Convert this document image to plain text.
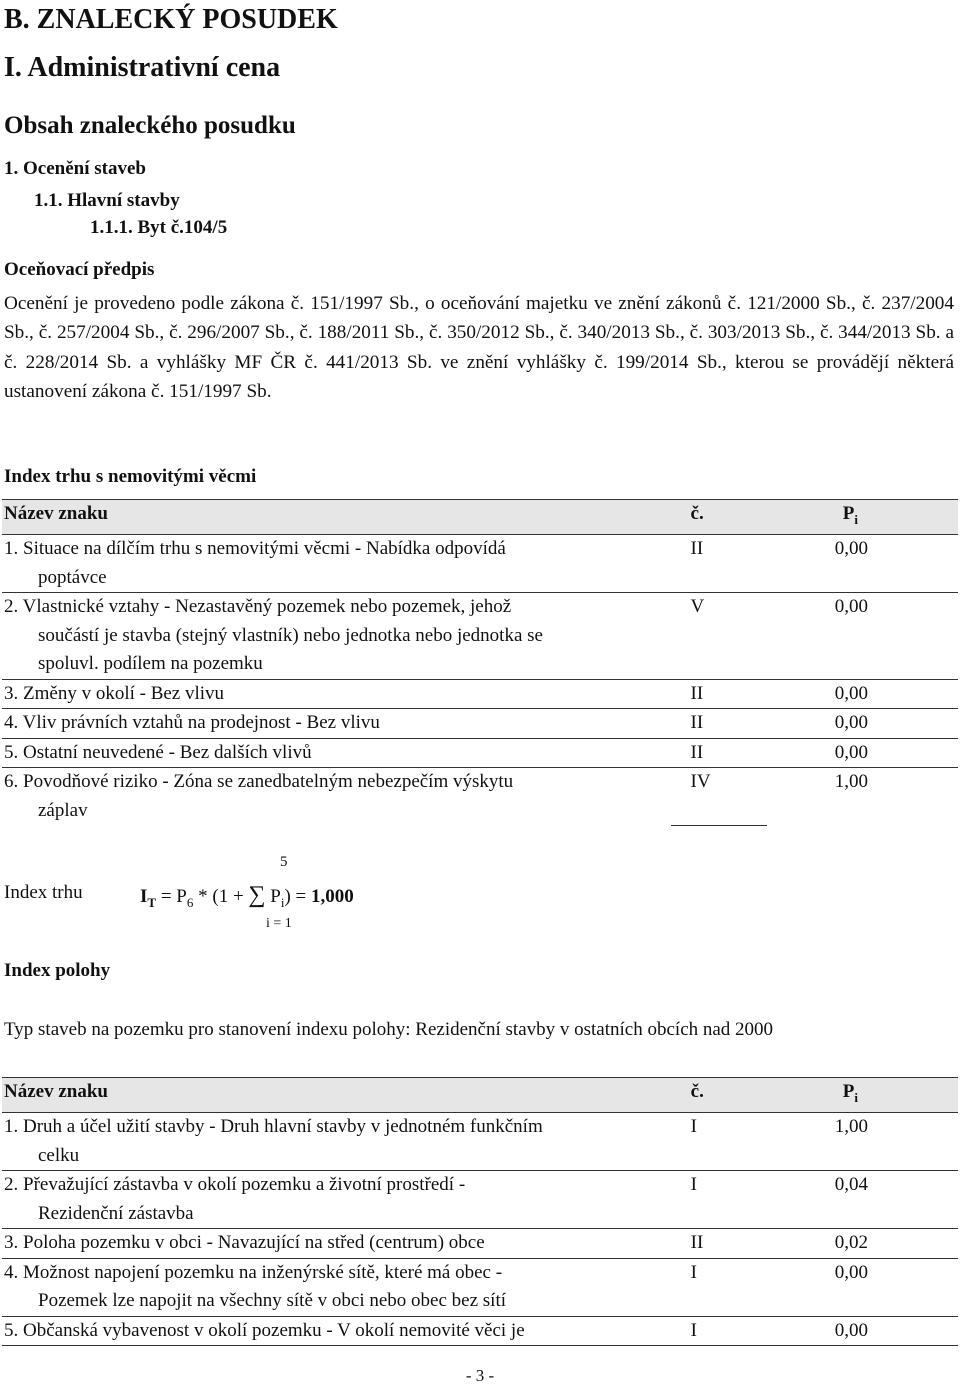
B. ZNALECKÝ POSUDEK
I. Administrativní cena
Obsah znaleckého posudku
1. Ocenění staveb
1.1. Hlavní stavby
1.1.1. Byt č.104/5
Oceňovací předpis
Ocenění je provedeno podle zákona č. 151/1997 Sb., o oceňování majetku ve znění zákonů č. 121/2000 Sb., č. 237/2004 Sb., č. 257/2004 Sb., č. 296/2007 Sb., č. 188/2011 Sb., č. 350/2012 Sb., č. 340/2013 Sb., č. 303/2013 Sb., č. 344/2013 Sb. a č. 228/2014 Sb. a vyhlášky MF ČR č. 441/2013 Sb. ve znění vyhlášky č. 199/2014 Sb., kterou se provádějí některá ustanovení zákona č. 151/1997 Sb.
Index trhu s nemovitými věcmi
Název znaku	č.	$P_i$
1. Situace na dílčím trhu s nemovitými věcmi - Nabídka odpovídá
poptávce	II	0,00
2. Vlastnické vztahy - Nezastavěný pozemek nebo pozemek, jehož
součástí je stavba (stejný vlastník) nebo jednotka nebo jednotka se
spoluvl. podílem na pozemku	V	0,00
3. Změny v okolí - Bez vlivu	II	0,00
4. Vliv právních vztahů na prodejnost - Bez vlivu	II	0,00
5. Ostatní neuvedené - Bez dalších vlivů	II	0,00
6. Povodňové riziko - Zóna se zanedbatelným nebezpečím výskytu
záplav	IV	1,00
Index trhu
5
i = 1
$I_T = P_6 * (1$ + ∑ $P_i) = 1,000$
Index polohy
Typ staveb na pozemku pro stanovení indexu polohy: Rezidenční stavby v ostatních obcích nad 2000
Název znaku	č.	$P_i$
1. Druh a účel užití stavby - Druh hlavní stavby v jednotném funkčním
celku	I	1,00
2. Převažující zástavba v okolí pozemku a životní prostředí -
Rezidenční zástavba	I	0,04
3. Poloha pozemku v obci - Navazující na střed (centrum) obce	II	0,02
4. Možnost napojení pozemku na inženýrské sítě, které má obec -
Pozemek lze napojit na všechny sítě v obci nebo obec bez sítí	I	0,00
5. Občanská vybavenost v okolí pozemku - V okolí nemovité věci je	I	0,00
- 3 -
